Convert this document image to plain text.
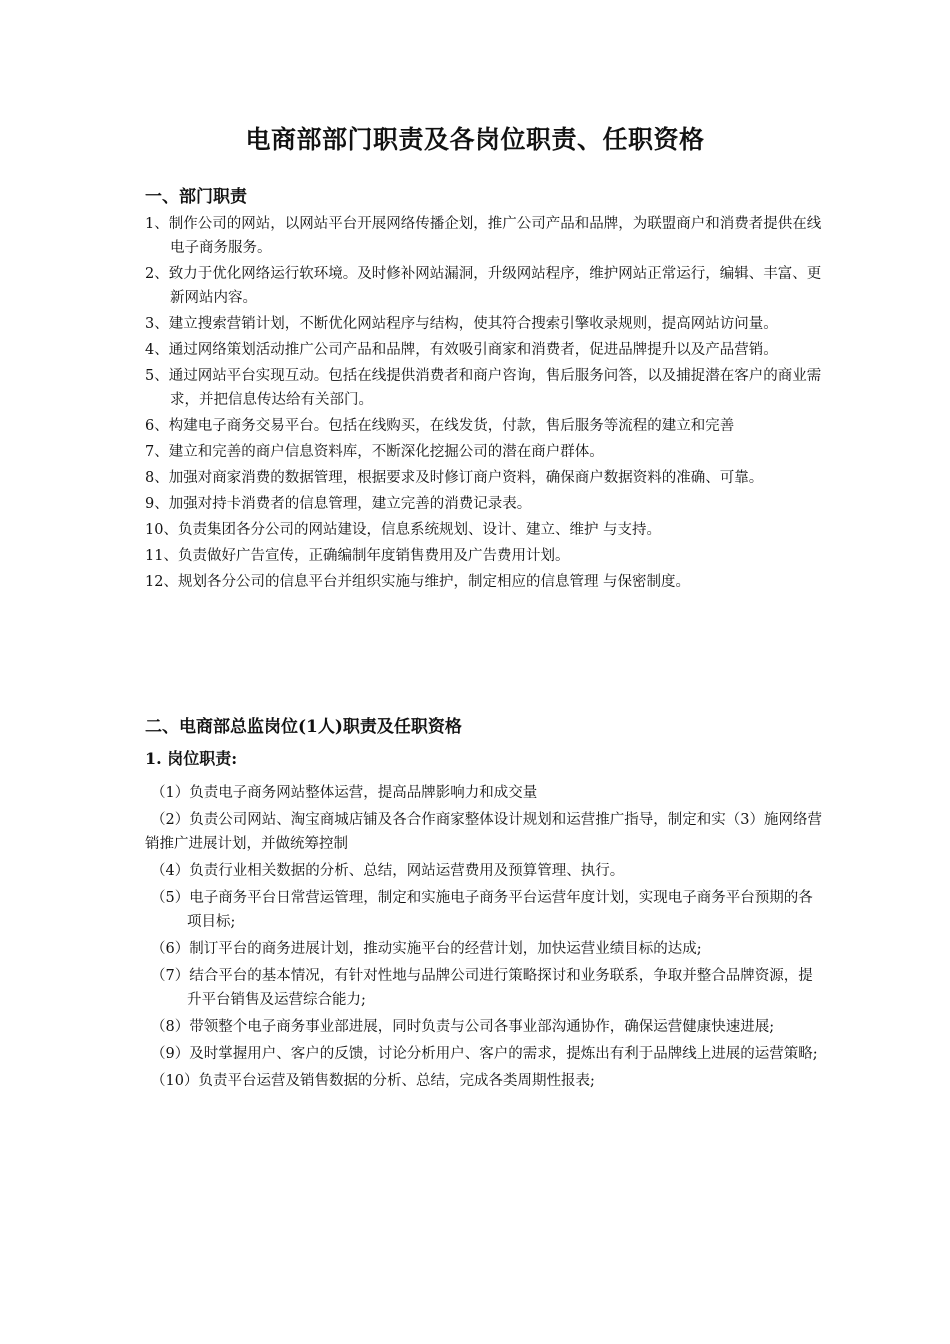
电商部部门职责及各岗位职责、任职资格
一、部门职责
1、制作公司的网站，以网站平台开展网络传播企划，推广公司产品和品牌，为联盟商户和消费者提供在线电子商务服务。
2、致力于优化网络运行软环境。及时修补网站漏洞，升级网站程序，维护网站正常运行，编辑、丰富、更新网站内容。
3、建立搜索营销计划，不断优化网站程序与结构，使其符合搜索引擎收录规则，提高网站访问量。
4、通过网络策划活动推广公司产品和品牌，有效吸引商家和消费者，促进品牌提升以及产品营销。
5、通过网站平台实现互动。包括在线提供消费者和商户咨询，售后服务问答，以及捕捉潜在客户的商业需求，并把信息传达给有关部门。
6、构建电子商务交易平台。包括在线购买，在线发货，付款，售后服务等流程的建立和完善
7、建立和完善的商户信息资料库，不断深化挖掘公司的潜在商户群体。
8、加强对商家消费的数据管理，根据要求及时修订商户资料，确保商户数据资料的准确、可靠。
9、加强对持卡消费者的信息管理，建立完善的消费记录表。
10、负责集团各分公司的网站建设，信息系统规划、设计、建立、维护 与支持。
11、负责做好广告宣传，正确编制年度销售费用及广告费用计划。
12、规划各分公司的信息平台并组织实施与维护，制定相应的信息管理 与保密制度。
二、电商部总监岗位(1人)职责及任职资格
1. 岗位职责:
（1）负责电子商务网站整体运营，提高品牌影响力和成交量
（2）负责公司网站、淘宝商城店铺及各合作商家整体设计规划和运营推广指导，制定和实（3）施网络营销推广进展计划，并做统筹控制
（4）负责行业相关数据的分析、总结，网站运营费用及预算管理、执行。
（5）电子商务平台日常营运管理，制定和实施电子商务平台运营年度计划，实现电子商务平台预期的各项目标;
（6）制订平台的商务进展计划，推动实施平台的经营计划，加快运营业绩目标的达成;
（7）结合平台的基本情况，有针对性地与品牌公司进行策略探讨和业务联系，争取并整合品牌资源，提升平台销售及运营综合能力;
（8）带领整个电子商务事业部进展，同时负责与公司各事业部沟通协作，确保运营健康快速进展;
（9）及时掌握用户、客户的反馈，讨论分析用户、客户的需求，提炼出有利于品牌线上进展的运营策略;
（10）负责平台运营及销售数据的分析、总结，完成各类周期性报表;
